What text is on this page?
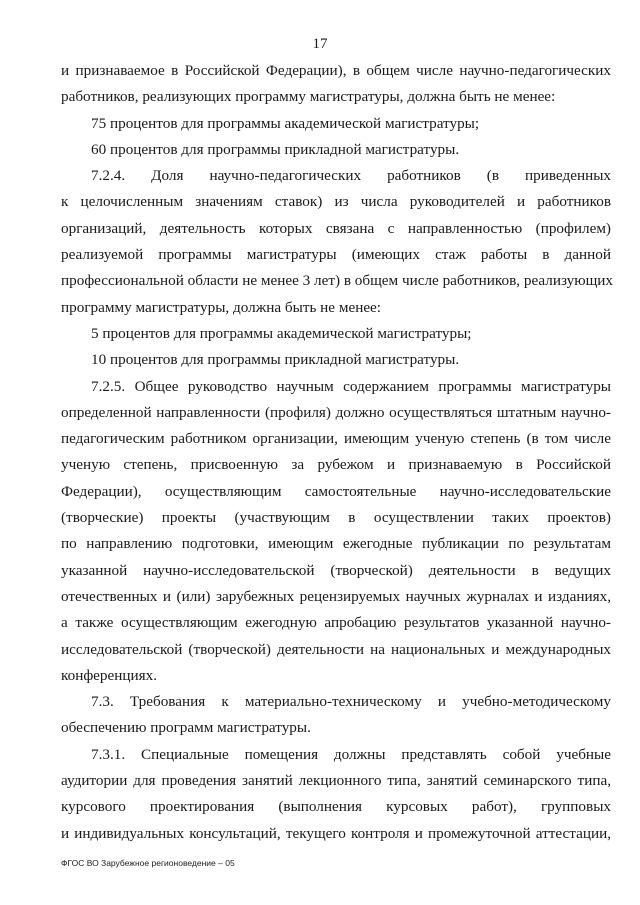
17
и признаваемое в Российской Федерации), в общем числе научно-педагогических
работников, реализующих программу магистратуры, должна быть не менее:
75 процентов для программы академической магистратуры;
60 процентов для программы прикладной магистратуры.
7.2.4. Доля научно-педагогических работников (в приведенных
к целочисленным значениям ставок) из числа руководителей и работников
организаций, деятельность которых связана с направленностью (профилем)
реализуемой программы магистратуры (имеющих стаж работы в данной
профессиональной области не менее 3 лет) в общем числе работников, реализующих
программу магистратуры, должна быть не менее:
5 процентов для программы академической магистратуры;
10 процентов для программы прикладной магистратуры.
7.2.5. Общее руководство научным содержанием программы магистратуры
определенной направленности (профиля) должно осуществляться штатным научно-
педагогическим работником организации, имеющим ученую степень (в том числе
ученую степень, присвоенную за рубежом и признаваемую в Российской
Федерации), осуществляющим самостоятельные научно-исследовательские
(творческие) проекты (участвующим в осуществлении таких проектов)
по направлению подготовки, имеющим ежегодные публикации по результатам
указанной научно-исследовательской (творческой) деятельности в ведущих
отечественных и (или) зарубежных рецензируемых научных журналах и изданиях,
а также осуществляющим ежегодную апробацию результатов указанной научно-
исследовательской (творческой) деятельности на национальных и международных
конференциях.
7.3. Требования к материально-техническому и учебно-методическому
обеспечению программ магистратуры.
7.3.1. Специальные помещения должны представлять собой учебные
аудитории для проведения занятий лекционного типа, занятий семинарского типа,
курсового проектирования (выполнения курсовых работ), групповых
и индивидуальных консультаций, текущего контроля и промежуточной аттестации,
ФГОС ВО Зарубежное регионоведение – 05
